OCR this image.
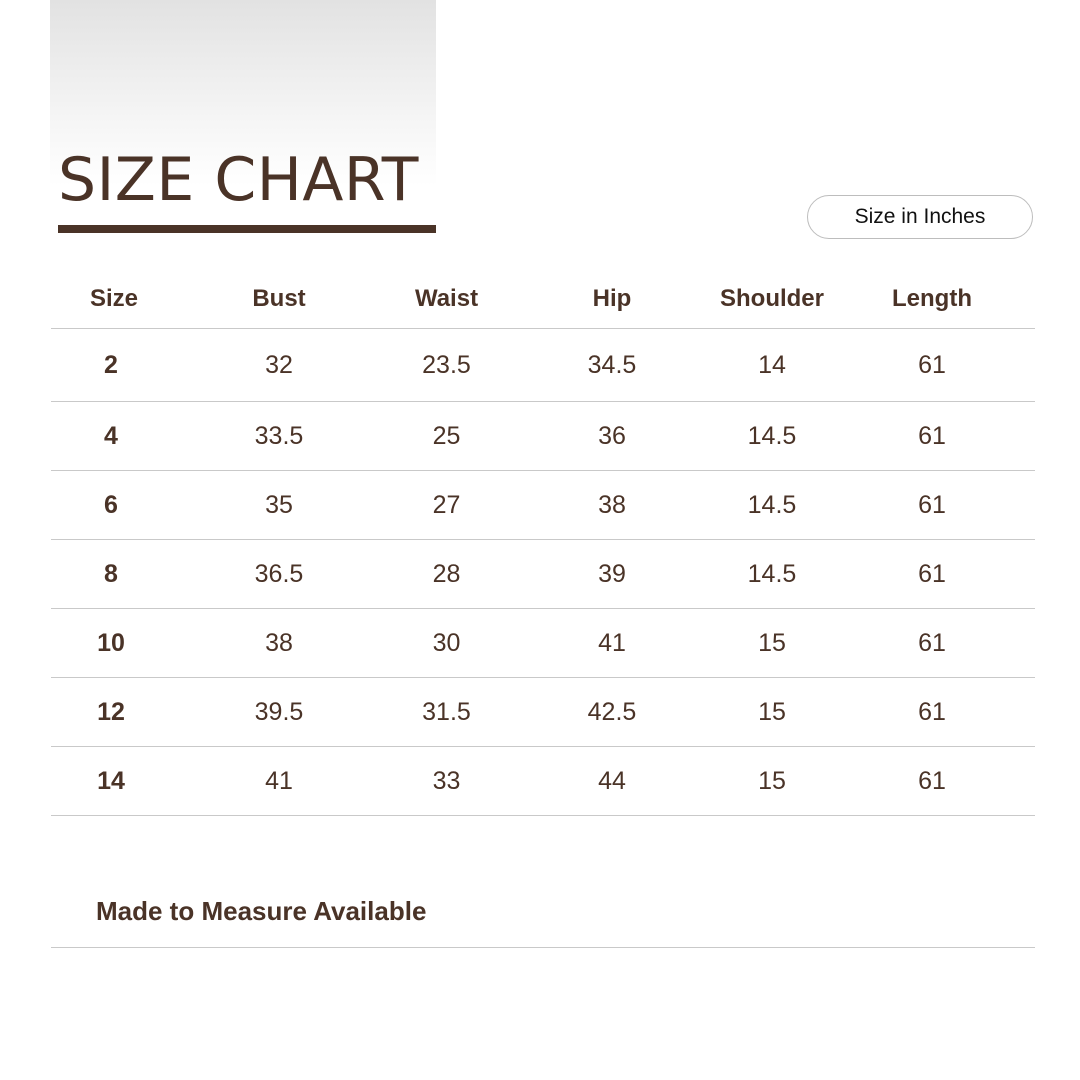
SIZE CHART
Size in Inches
Size	Bust	Waist	Hip	Shoulder	Length
2	32	23.5	34.5	14	61
4	33.5	25	36	14.5	61
6	35	27	38	14.5	61
8	36.5	28	39	14.5	61
10	38	30	41	15	61
12	39.5	31.5	42.5	15	61
14	41	33	44	15	61

Made to Measure Available
